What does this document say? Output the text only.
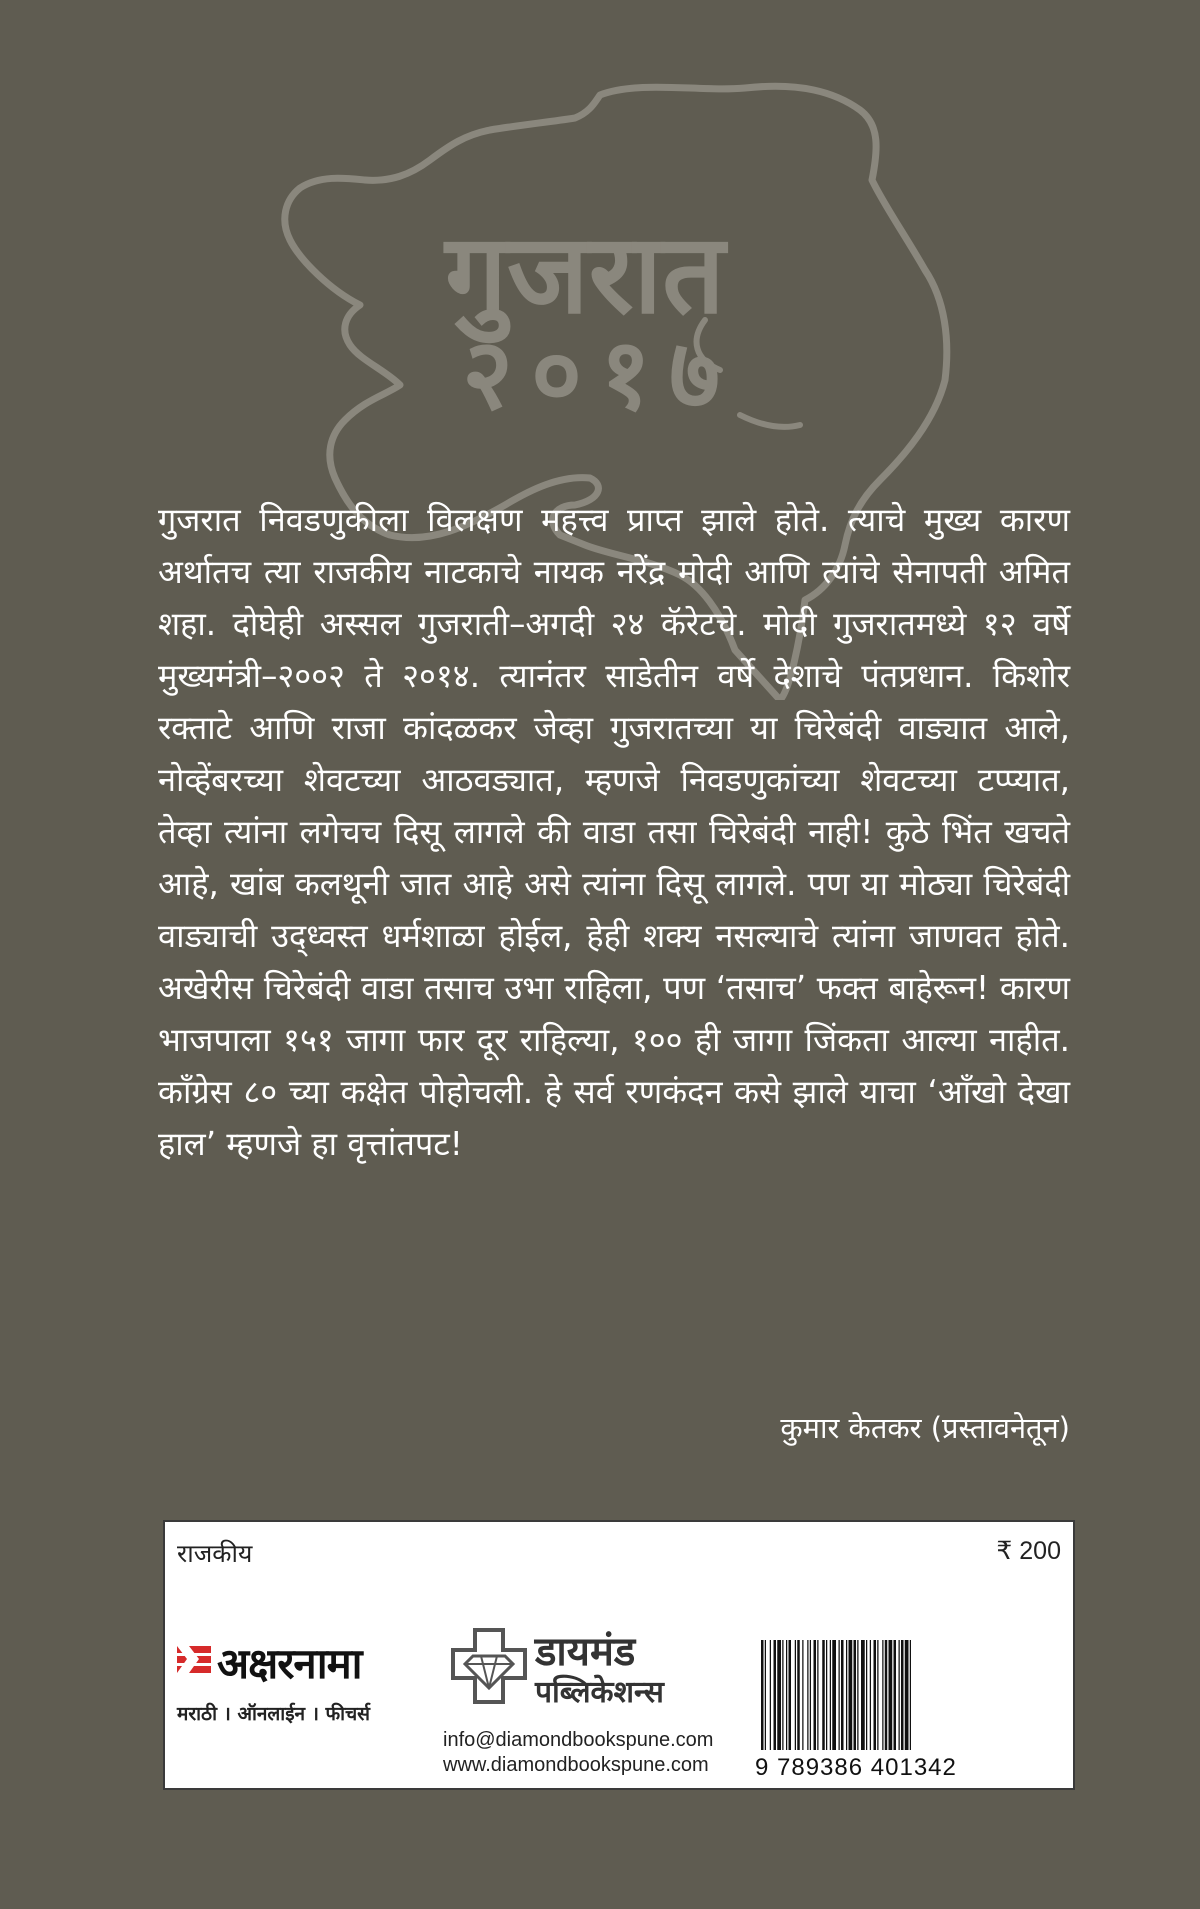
गुजरात
२०१७

गुजरात निवडणुकीला विलक्षण महत्त्व प्राप्त झाले होते. त्याचे मुख्य कारण अर्थातच त्या राजकीय नाटकाचे नायक नरेंद्र मोदी आणि त्यांचे सेनापती अमित शहा. दोघेही अस्सल गुजराती–अगदी २४ कॅरेटचे. मोदी गुजरातमध्ये १२ वर्षे मुख्यमंत्री–२००२ ते २०१४. त्यानंतर साडेतीन वर्षे देशाचे पंतप्रधान. किशोर रक्ताटे आणि राजा कांदळकर जेव्हा गुजरातच्या या चिरेबंदी वाड्यात आले, नोव्हेंबरच्या शेवटच्या आठवड्यात, म्हणजे निवडणुकांच्या शेवटच्या टप्प्यात, तेव्हा त्यांना लगेचच दिसू लागले की वाडा तसा चिरेबंदी नाही! कुठे भिंत खचते आहे, खांब कलथूनी जात आहे असे त्यांना दिसू लागले. पण या मोठ्या चिरेबंदी वाड्याची उद्ध्वस्त धर्मशाळा होईल, हेही शक्य नसल्याचे त्यांना जाणवत होते. अखेरीस चिरेबंदी वाडा तसाच उभा राहिला, पण ‘तसाच’ फक्त बाहेरून! कारण भाजपाला १५१ जागा फार दूर राहिल्या, १०० ही जागा जिंकता आल्या नाहीत. कॉंग्रेस ८० च्या कक्षेत पोहोचली. हे सर्व रणकंदन कसे झाले याचा ‘आँखो देखा हाल’ म्हणजे हा वृत्तांतपट!

कुमार केतकर (प्रस्तावनेतून)
राजकीय	₹ 200
अक्षरनामा
मराठी । ऑनलाईन । फीचर्स
डायमंड
पब्लिकेशन्स
info@diamondbookspune.com
www.diamondbookspune.com 9 789386 401342
